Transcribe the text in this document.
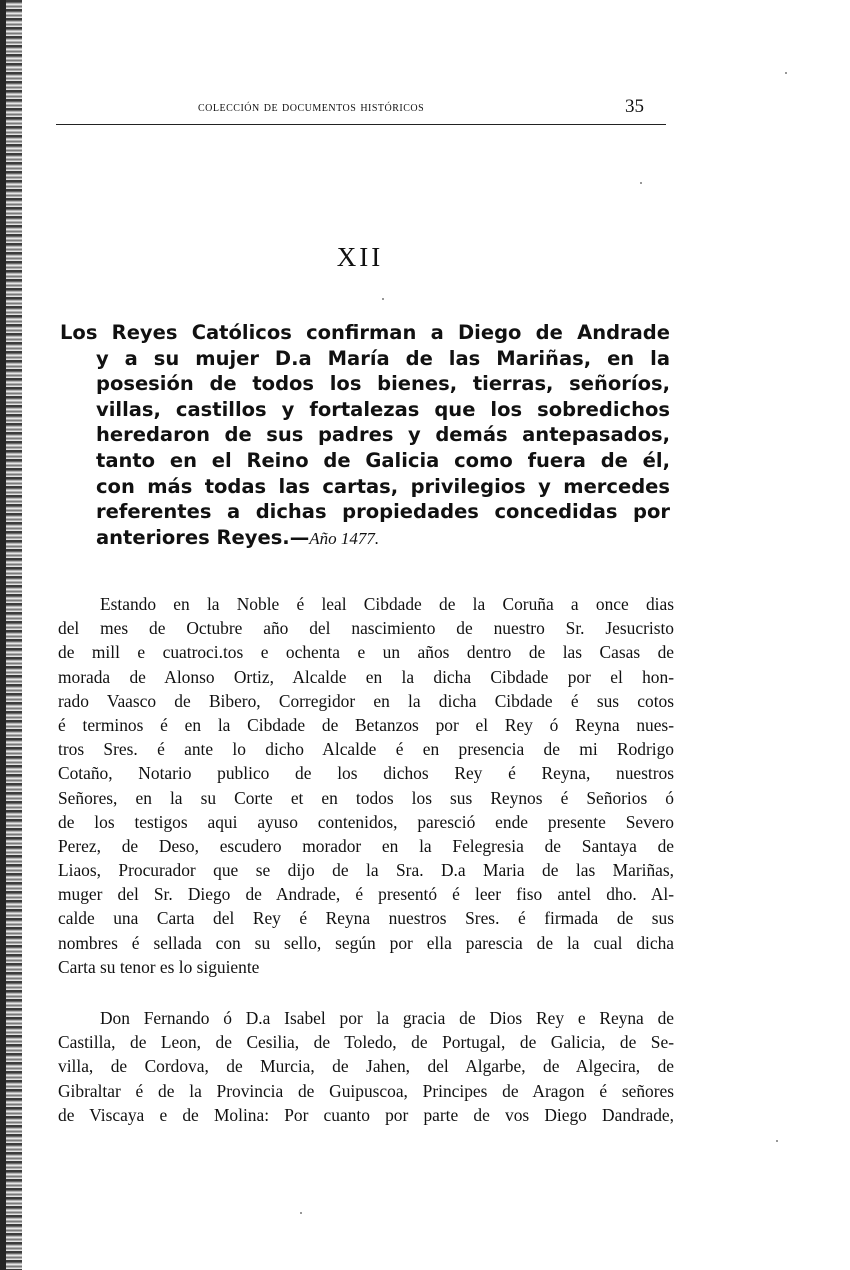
colección de documentos históricos	35
XII
Los Reyes Católicos confirman a Diego de Andrade
y a su mujer D.a María de las Mariñas, en la
posesión de todos los bienes, tierras, señoríos,
villas, castillos y fortalezas que los sobredichos
heredaron de sus padres y demás antepasados,
tanto en el Reino de Galicia como fuera de él,
con más todas las cartas, privilegios y mercedes
referentes a dichas propiedades concedidas por
anteriores Reyes.—Año 1477.
Estando en la Noble é leal Cibdade de la Coruña a once dias
del mes de Octubre año del nascimiento de nuestro Sr. Jesucristo
de mill e cuatroci.tos e ochenta e un años dentro de las Casas de
morada de Alonso Ortiz, Alcalde en la dicha Cibdade por el hon-
rado Vaasco de Bibero, Corregidor en la dicha Cibdade é sus cotos
é terminos é en la Cibdade de Betanzos por el Rey ó Reyna nues-
tros Sres. é ante lo dicho Alcalde é en presencia de mi Rodrigo
Cotaño, Notario publico de los dichos Rey é Reyna, nuestros
Señores, en la su Corte et en todos los sus Reynos é Señorios ó
de los testigos aqui ayuso contenidos, paresció ende presente Severo
Perez, de Deso, escudero morador en la Felegresia de Santaya de
Liaos, Procurador que se dijo de la Sra. D.a Maria de las Mariñas,
muger del Sr. Diego de Andrade, é presentó é leer fiso antel dho. Al-
calde una Carta del Rey é Reyna nuestros Sres. é firmada de sus
nombres é sellada con su sello, según por ella parescia de la cual dicha
Carta su tenor es lo siguiente
Don Fernando ó D.a Isabel por la gracia de Dios Rey e Reyna de
Castilla, de Leon, de Cesilia, de Toledo, de Portugal, de Galicia, de Se-
villa, de Cordova, de Murcia, de Jahen, del Algarbe, de Algecira, de
Gibraltar é de la Provincia de Guipuscoa, Principes de Aragon é señores
de Viscaya e de Molina: Por cuanto por parte de vos Diego Dandrade,
